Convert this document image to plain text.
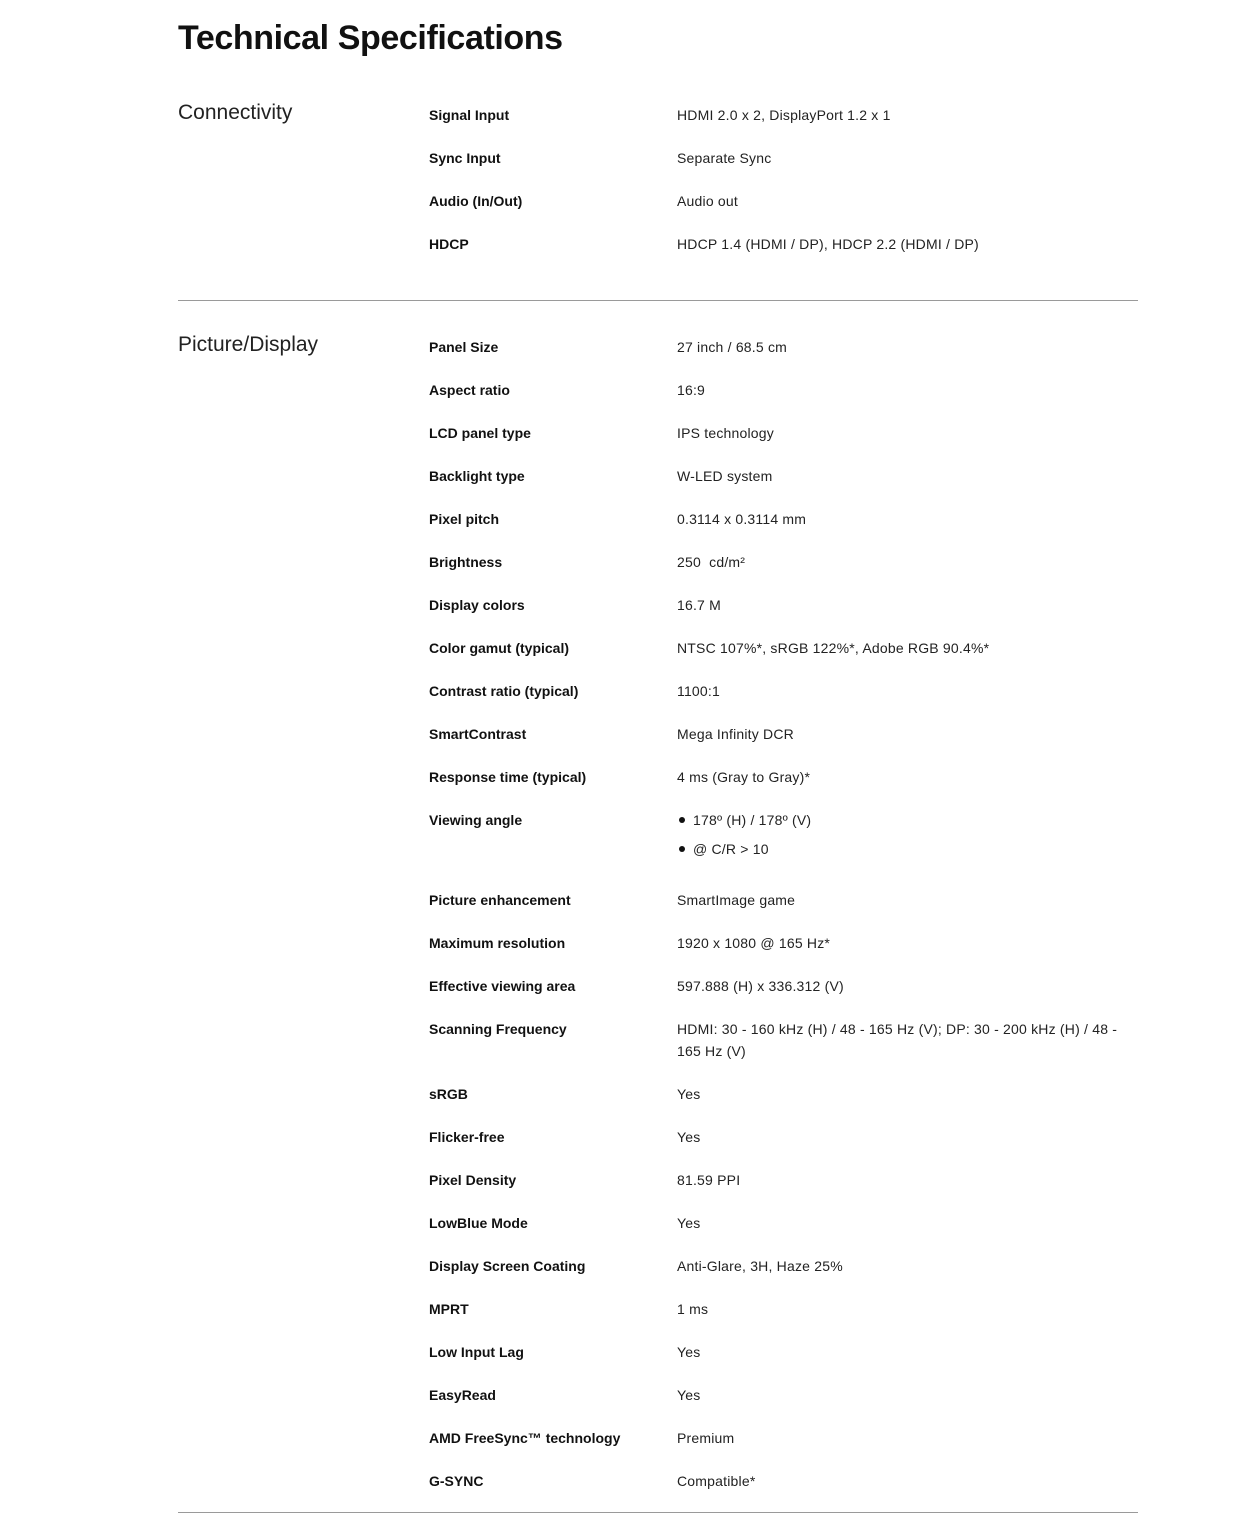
Technical Specifications
Connectivity	Signal Input	HDMI 2.0 x 2, DisplayPort 1.2 x 1
Sync Input	Separate Sync
Audio (In/Out)	Audio out
HDCP	HDCP 1.4 (HDMI / DP), HDCP 2.2 (HDMI / DP)
Picture/Display	Panel Size	27 inch / 68.5 cm
Aspect ratio	16:9
LCD panel type	IPS technology
Backlight type	W-LED system
Pixel pitch	0.3114 x 0.3114 mm
Brightness	250  cd/m²
Display colors	16.7 M
Color gamut (typical)	NTSC 107%*, sRGB 122%*, Adobe RGB 90.4%*
Contrast ratio (typical)	1100:1
SmartContrast	Mega Infinity DCR
Response time (typical)	4 ms (Gray to Gray)*
Viewing angle	178º (H) / 178º (V)
@ C/R > 10
Picture enhancement	SmartImage game
Maximum resolution	1920 x 1080 @ 165 Hz*
Effective viewing area	597.888 (H) x 336.312 (V)
Scanning Frequency	HDMI: 30 - 160 kHz (H) / 48 - 165 Hz (V); DP: 30 - 200 kHz (H) / 48 - 165 Hz (V)
sRGB	Yes
Flicker-free	Yes
Pixel Density	81.59 PPI
LowBlue Mode	Yes
Display Screen Coating	Anti-Glare, 3H, Haze 25%
MPRT	1 ms
Low Input Lag	Yes
EasyRead	Yes
AMD FreeSync™ technology	Premium
G-SYNC	Compatible*
